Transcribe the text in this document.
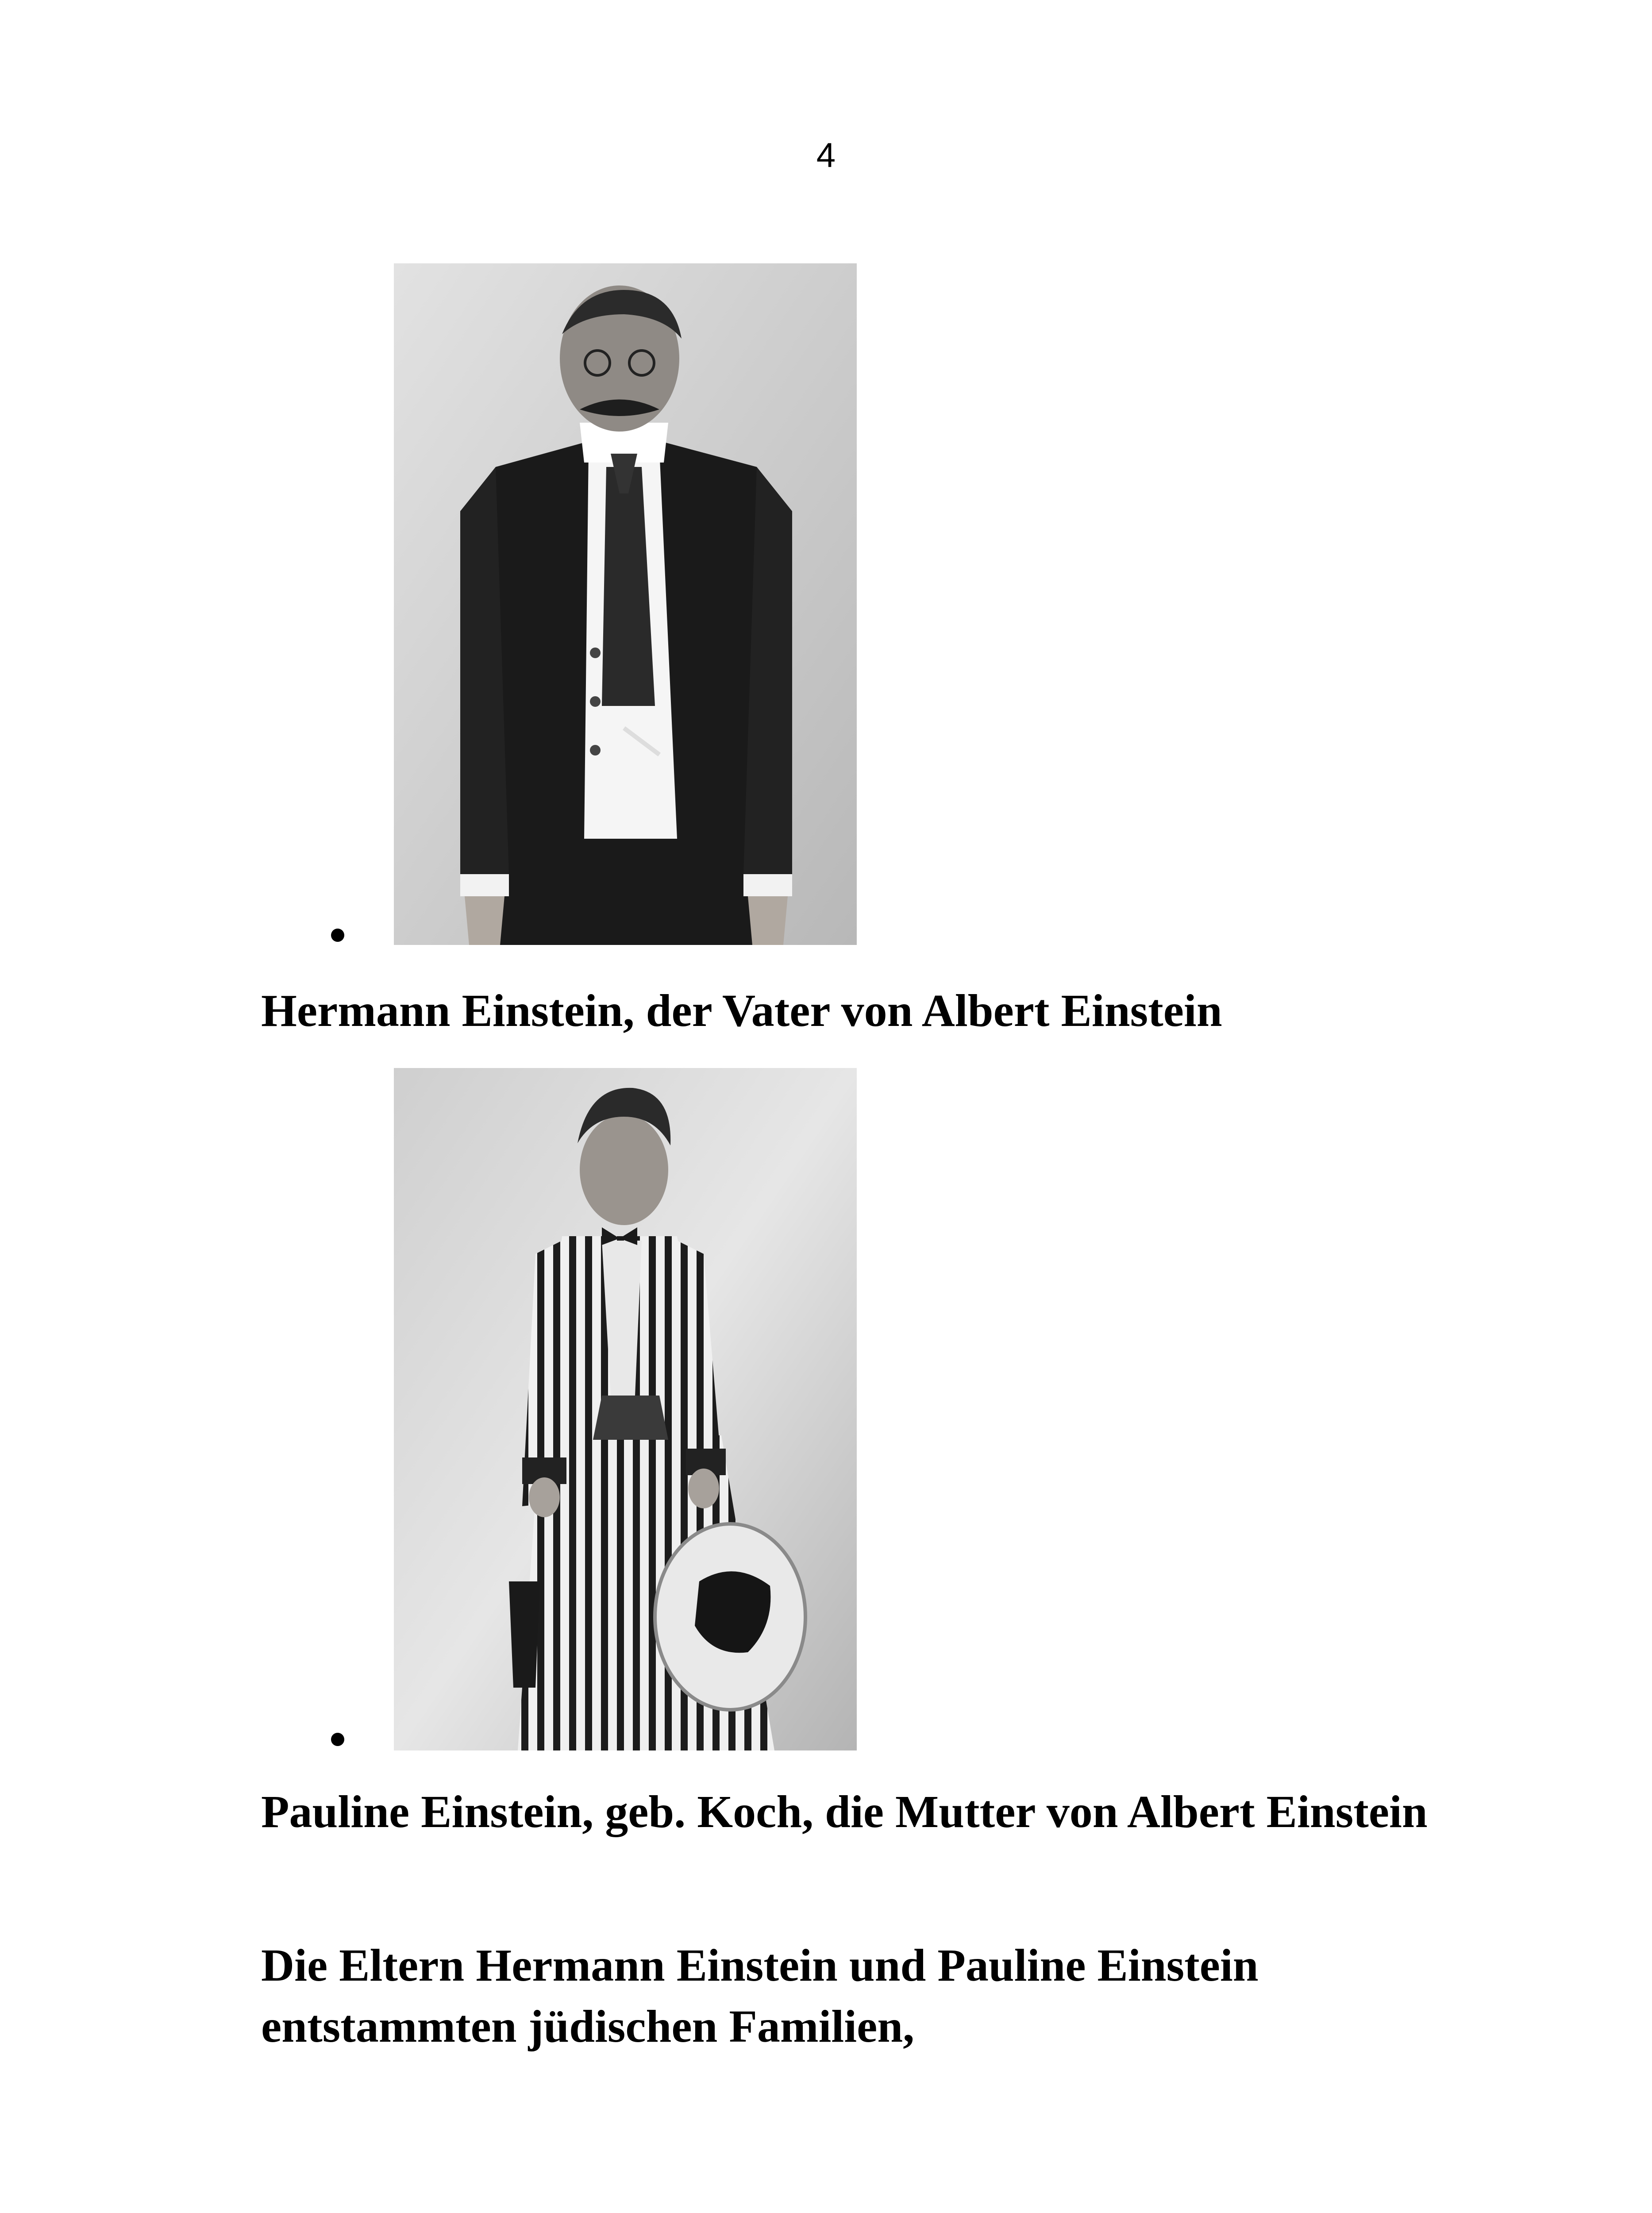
4

Hermann Einstein, der Vater von Albert Einstein

Pauline Einstein, geb. Koch, die Mutter von Albert Einstein

Die Eltern Hermann Einstein und Pauline Einstein entstammten jüdischen Familien,
